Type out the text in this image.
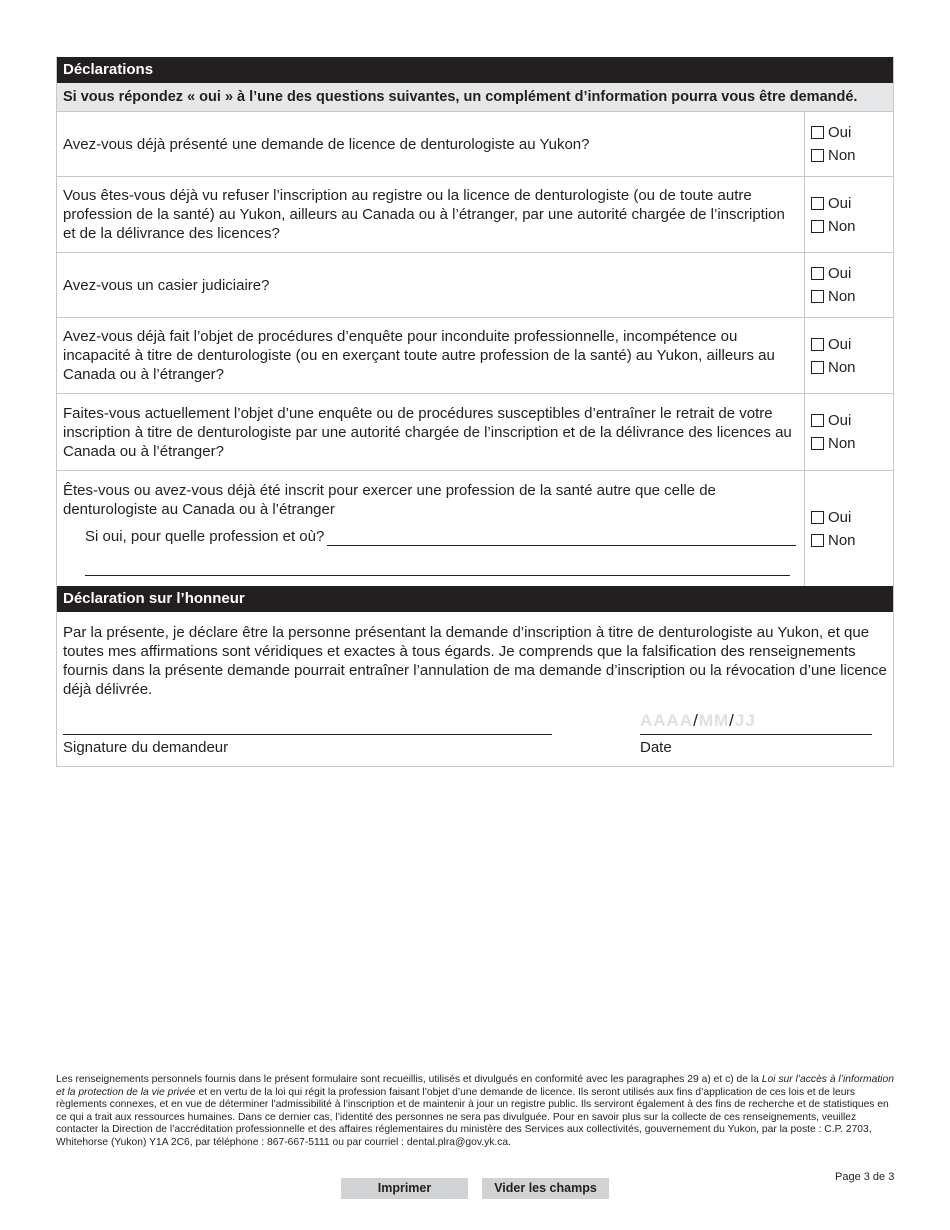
Déclarations
Si vous répondez « oui » à l’une des questions suivantes, un complément d’information pourra vous être demandé.
Avez-vous déjà présenté une demande de licence de denturologiste au Yukon?
Oui
Non
Vous êtes-vous déjà vu refuser l’inscription au registre ou la licence de denturologiste (ou de toute autre profession de la santé) au Yukon, ailleurs au Canada ou à l’étranger, par une autorité chargée de l’inscription et de la délivrance des licences?
Oui
Non
Avez-vous un casier judiciaire?
Oui
Non
Avez-vous déjà fait l’objet de procédures d’enquête pour inconduite professionnelle, incompétence ou incapacité à titre de denturologiste (ou en exerçant toute autre profession de la santé) au Yukon, ailleurs au Canada ou à l’étranger?
Oui
Non
Faites-vous actuellement l’objet d’une enquête ou de procédures susceptibles d’entraîner le retrait de votre inscription à titre de denturologiste par une autorité chargée de l’inscription et de la délivrance des licences au Canada ou à l’étranger?
Oui
Non
Êtes-vous ou avez-vous déjà été inscrit pour exercer une profession de la santé autre que celle de denturologiste au Canada ou à l’étranger
Si oui, pour quelle profession et où?
Oui
Non
Déclaration sur l’honneur
Par la présente, je déclare être la personne présentant la demande d’inscription à titre de denturologiste au Yukon, et que toutes mes affirmations sont véridiques et exactes à tous égards. Je comprends que la falsification des renseignements fournis dans la présente demande pourrait entraîner l’annulation de ma demande d’inscription ou la révocation d’une licence déjà délivrée.
Signature du demandeur
AAAA/MM/JJ
Date
Les renseignements personnels fournis dans le présent formulaire sont recueillis, utilisés et divulgués en conformité avec les paragraphes 29 a) et c) de la Loi sur l’accès à l’information et la protection de la vie privée et en vertu de la loi qui régit la profession faisant l’objet d’une demande de licence. Ils seront utilisés aux fins d’application de ces lois et de leurs règlements connexes, et en vue de déterminer l’admissibilité à l’inscription et de maintenir à jour un registre public. Ils serviront également à des fins de recherche et de statistiques en ce qui a trait aux ressources humaines. Dans ce dernier cas, l’identité des personnes ne sera pas divulguée. Pour en savoir plus sur la collecte de ces renseignements, veuillez contacter la Direction de l’accréditation professionnelle et des affaires réglementaires du ministère des Services aux collectivités, gouvernement du Yukon, par la poste : C.P. 2703, Whitehorse (Yukon) Y1A 2C6, par téléphone : 867-667-5111 ou par courriel : dental.plra@gov.yk.ca.
Page 3 de 3
Imprimer	Vider les champs
